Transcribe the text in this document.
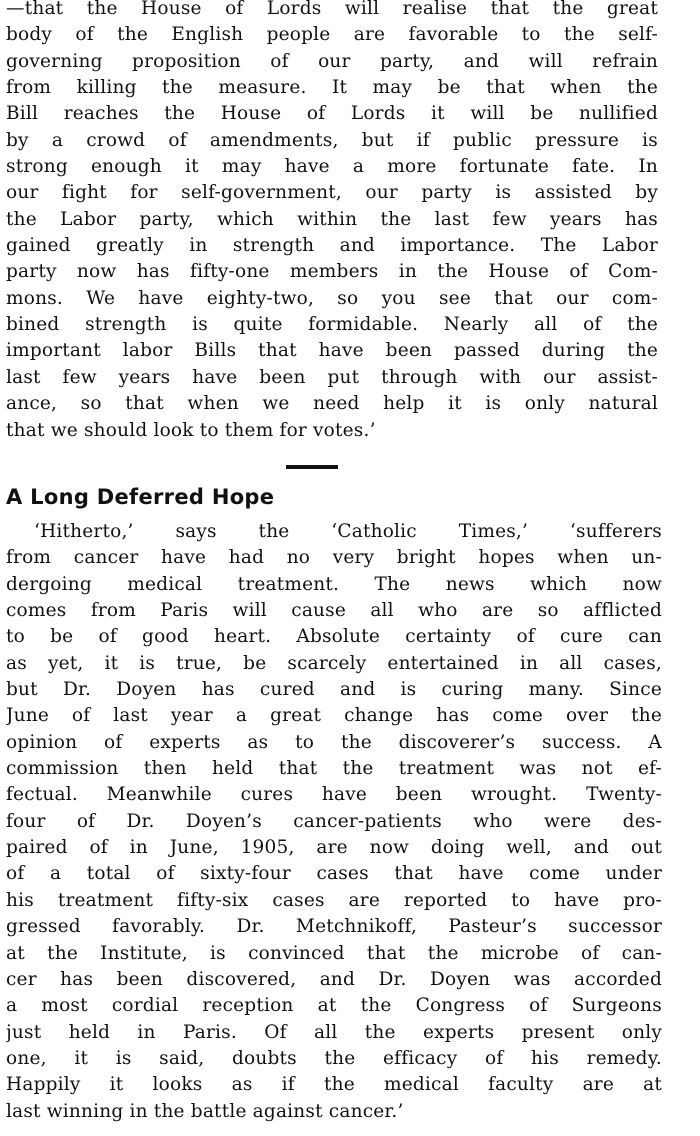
—that the House of Lords will realise that the great
body of the English people are favorable to the self-
governing proposition of our party, and will refrain
from killing the measure. It may be that when the
Bill reaches the House of Lords it will be nullified
by a crowd of amendments, but if public pressure is
strong enough it may have a more fortunate fate. In
our fight for self-government, our party is assisted by
the Labor party, which within the last few years has
gained greatly in strength and importance. The Labor
party now has fifty-one members in the House of Com-
mons. We have eighty-two, so you see that our com-
bined strength is quite formidable. Nearly all of the
important labor Bills that have been passed during the
last few years have been put through with our assist-
ance, so that when we need help it is only natural
that we should look to them for votes.’
A Long Deferred Hope
‘Hitherto,’ says the ‘Catholic Times,’ ‘sufferers
from cancer have had no very bright hopes when un-
dergoing medical treatment. The news which now
comes from Paris will cause all who are so afflicted
to be of good heart. Absolute certainty of cure can
as yet, it is true, be scarcely entertained in all cases,
but Dr. Doyen has cured and is curing many. Since
June of last year a great change has come over the
opinion of experts as to the discoverer’s success. A
commission then held that the treatment was not ef-
fectual. Meanwhile cures have been wrought. Twenty-
four of Dr. Doyen’s cancer-patients who were des-
paired of in June, 1905, are now doing well, and out
of a total of sixty-four cases that have come under
his treatment fifty-six cases are reported to have pro-
gressed favorably. Dr. Metchnikoff, Pasteur’s successor
at the Institute, is convinced that the microbe of can-
cer has been discovered, and Dr. Doyen was accorded
a most cordial reception at the Congress of Surgeons
just held in Paris. Of all the experts present only
one, it is said, doubts the efficacy of his remedy.
Happily it looks as if the medical faculty are at
last winning in the battle against cancer.’
